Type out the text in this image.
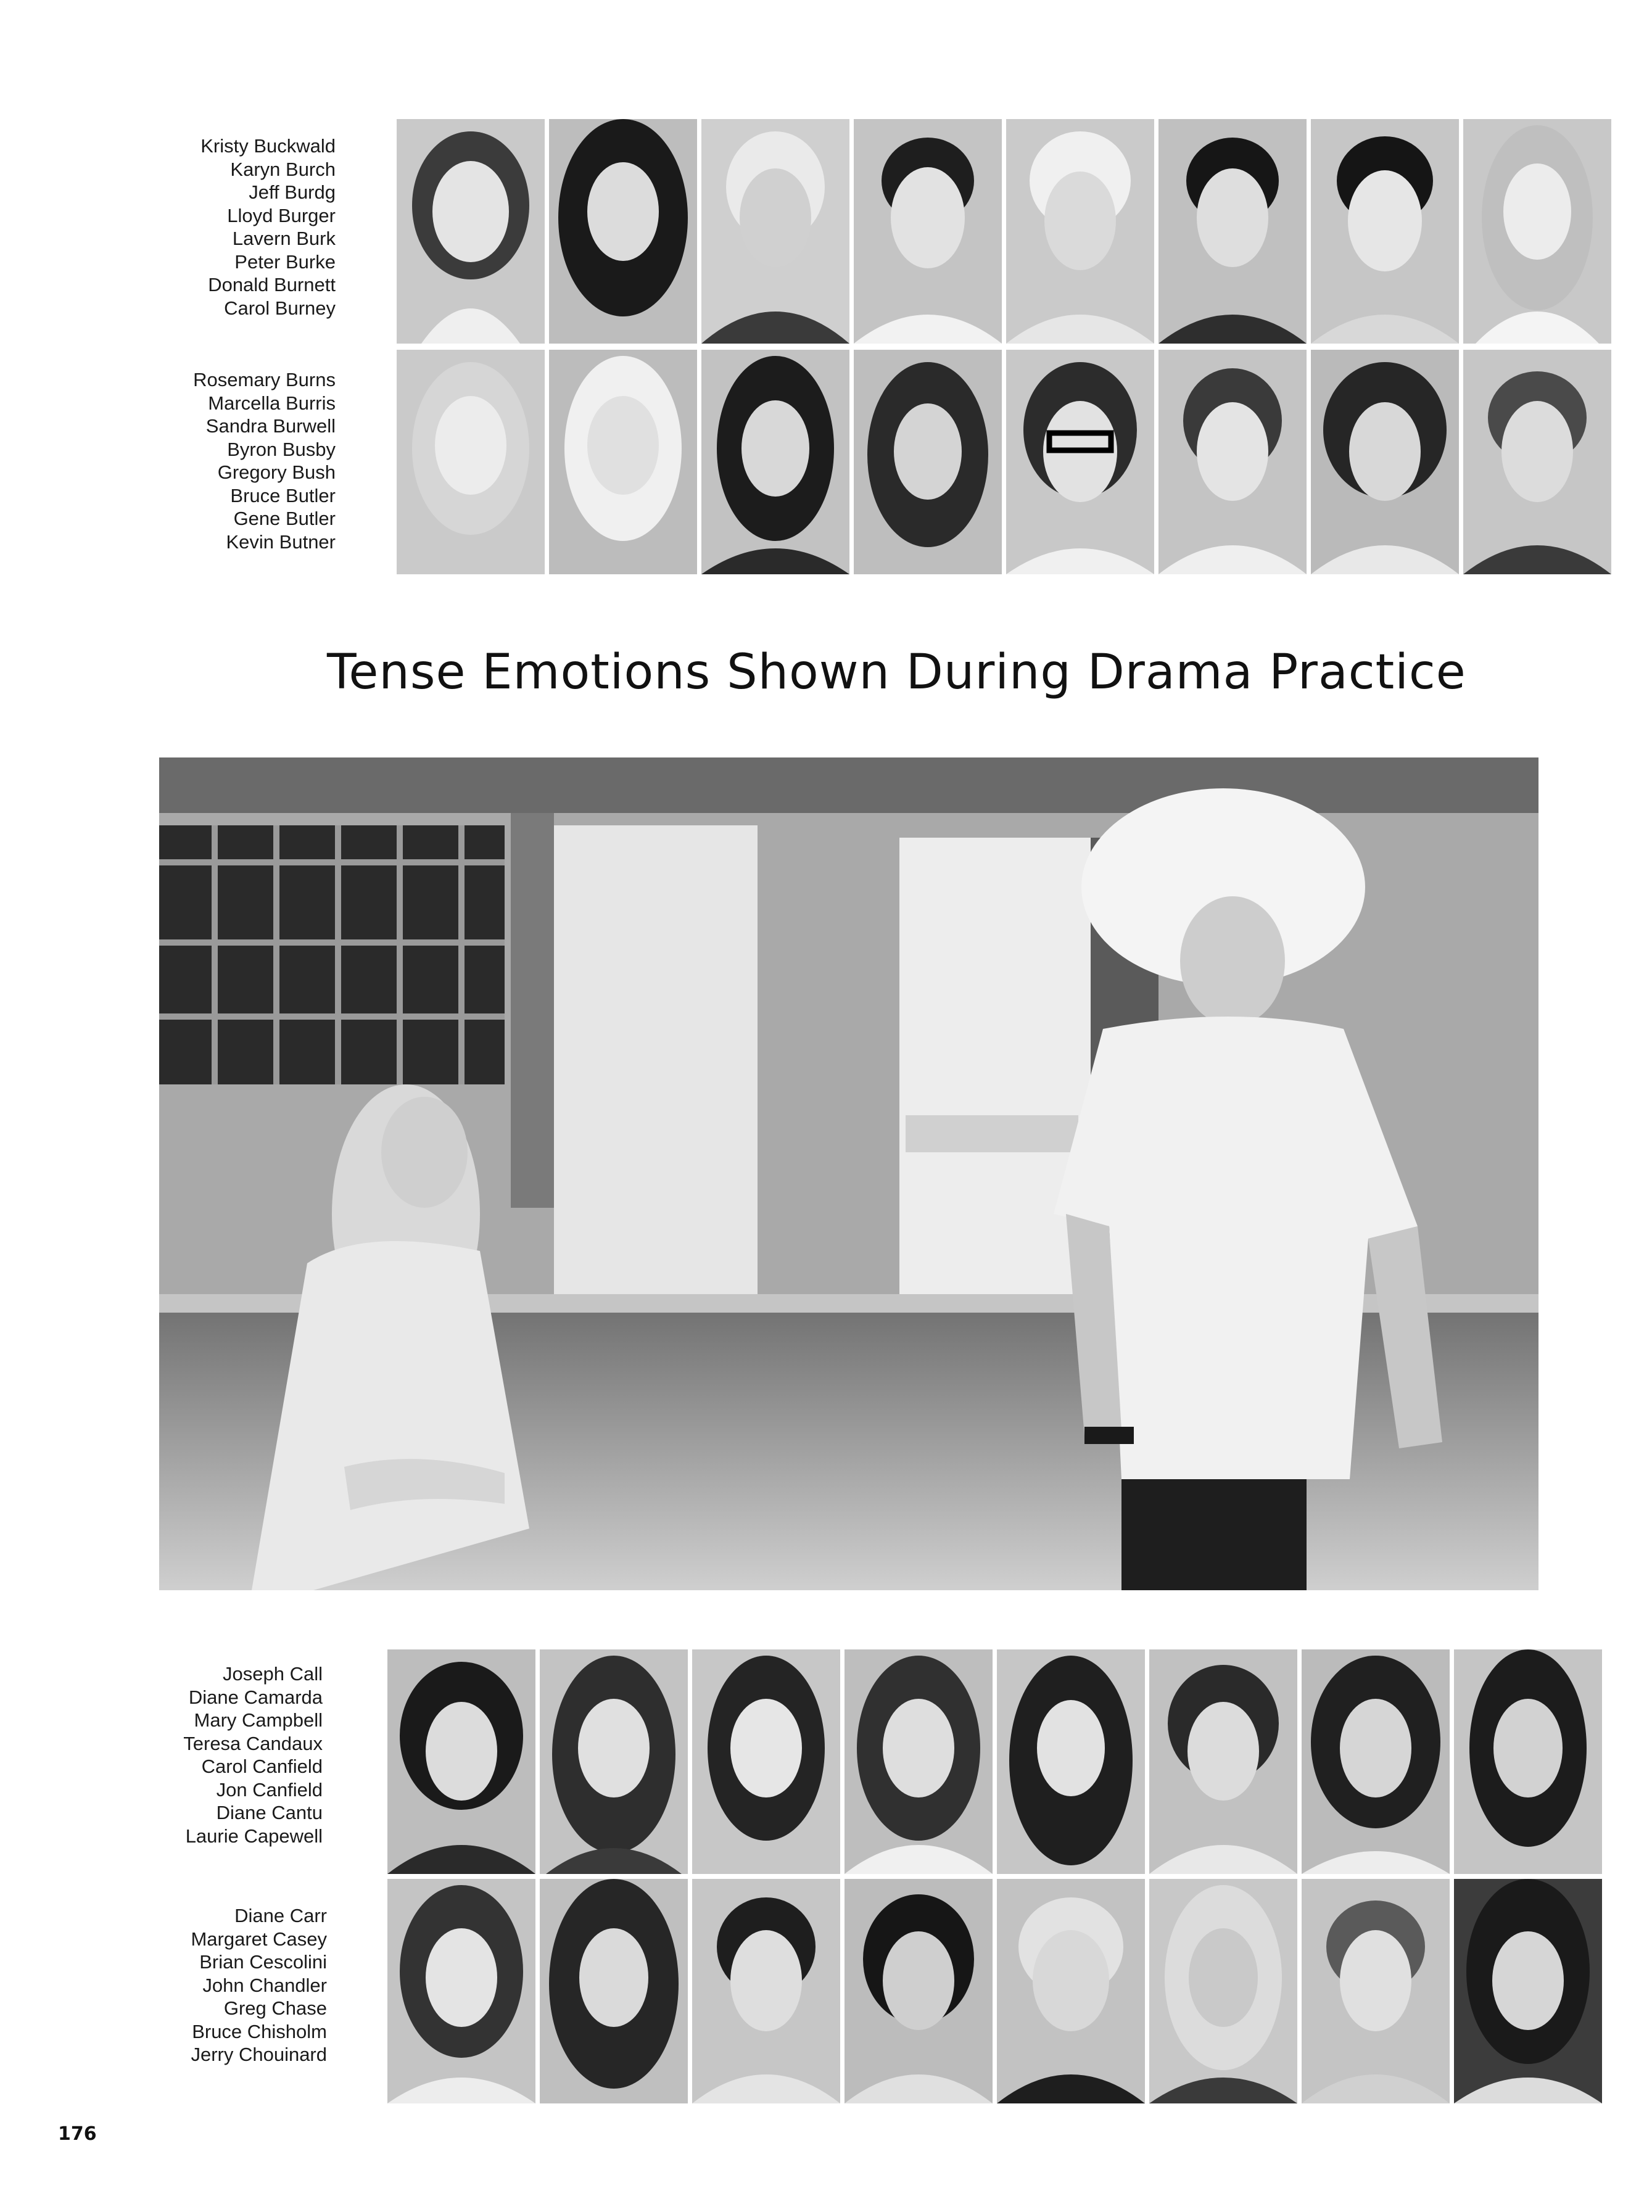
Kristy Buckwald
Karyn Burch
Jeff Burdg
Lloyd Burger
Lavern Burk
Peter Burke
Donald Burnett
Carol Burney
Rosemary Burns
Marcella Burris
Sandra Burwell
Byron Busby
Gregory Bush
Bruce Butler
Gene Butler
Kevin Butner
Tense Emotions Shown During Drama Practice
Joseph Call
Diane Camarda
Mary Campbell
Teresa Candaux
Carol Canfield
Jon Canfield
Diane Cantu
Laurie Capewell
Diane Carr
Margaret Casey
Brian Cescolini
John Chandler
Greg Chase
Bruce Chisholm
Jerry Chouinard
176
